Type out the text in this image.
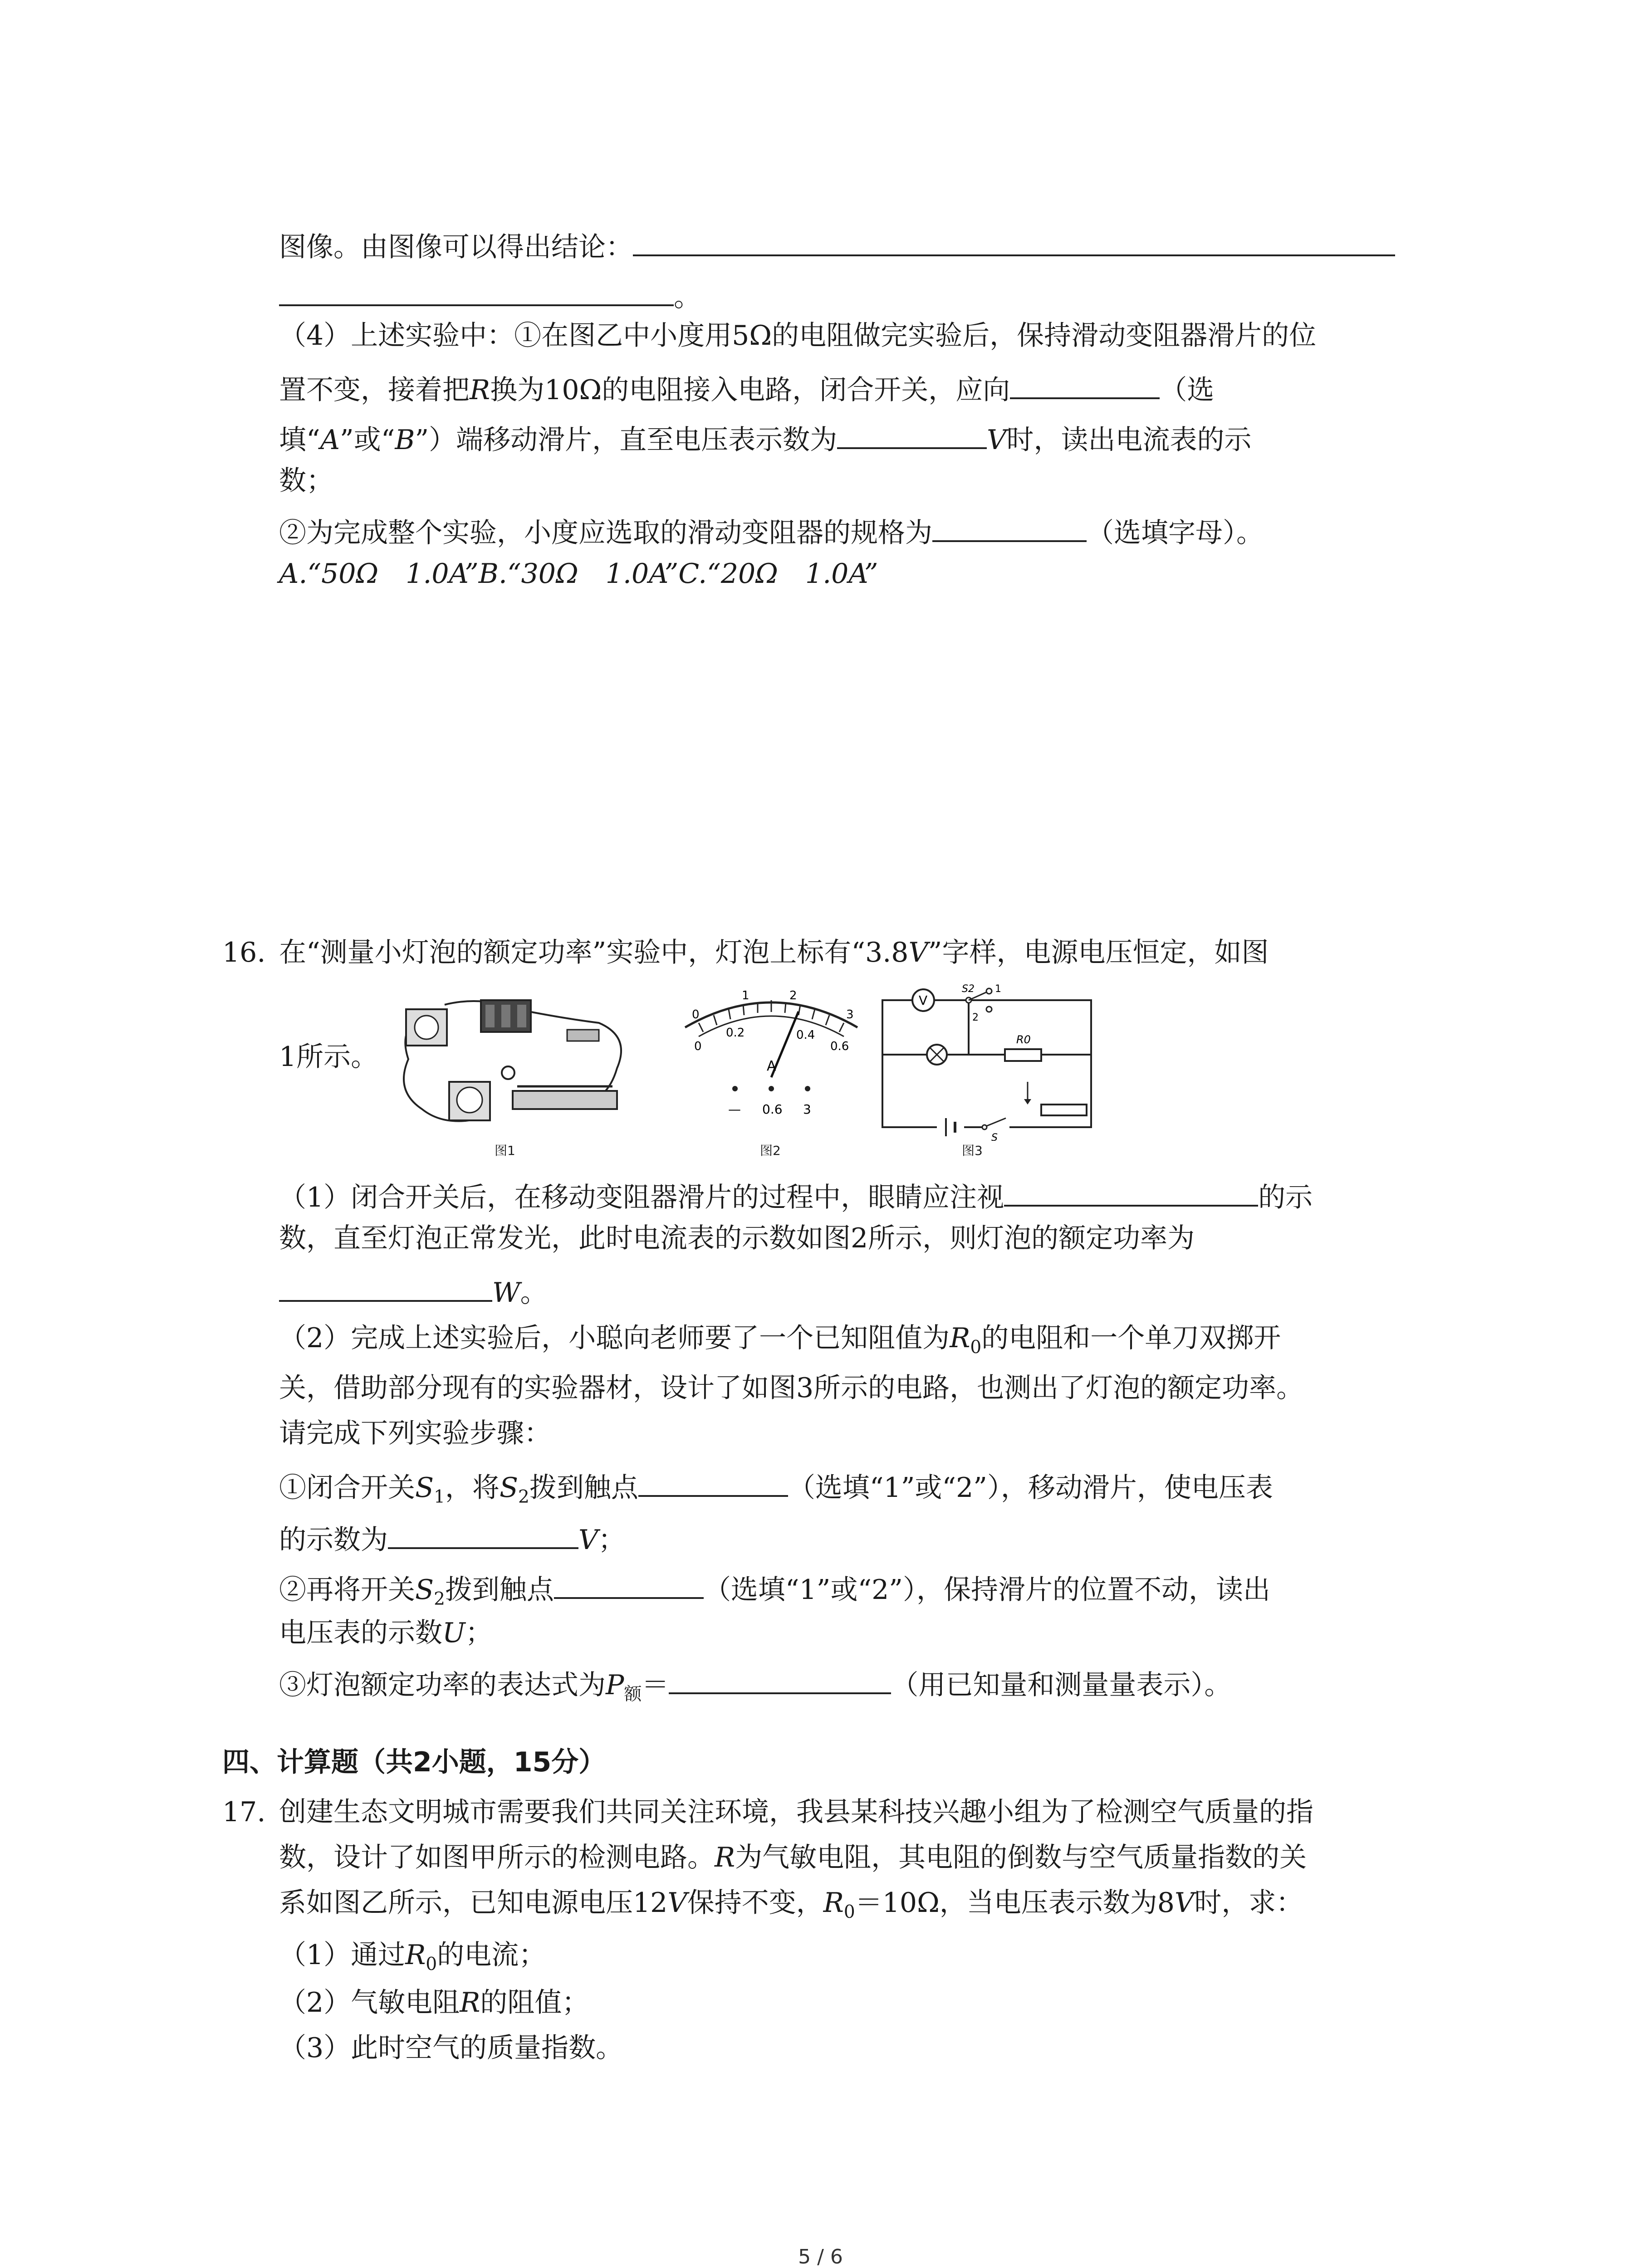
图像。由图像可以得出结论：
。
（4）上述实验中：①在图乙中小度用5Ω的电阻做完实验后，保持滑动变阻器滑片的位
置不变，接着把R换为10Ω的电阻接入电路，闭合开关，应向	（选
填“A”或“B”）端移动滑片，直至电压表示数为	V时，读出电流表的示
数；
②为完成整个实验，小度应选取的滑动变阻器的规格为	（选填字母）。
A.“50Ω　1.0A”B.“30Ω　1.0A”C.“20Ω　1.0A”
16. 在“测量小灯泡的额定功率”实验中，灯泡上标有“3.8V”字样，电源电压恒定，如图
1所示。
图1
0
0.2	0.4
0.6
0
1	2
3
A
— 0.6 3
图2
V
S2 1
2
R0
S
图3
（1）闭合开关后，在移动变阻器滑片的过程中，眼睛应注视	的示
数，直至灯泡正常发光，此时电流表的示数如图2所示，则灯泡的额定功率为
W。
（2）完成上述实验后，小聪向老师要了一个已知阻值为$R_0$的电阻和一个单刀双掷开
关，借助部分现有的实验器材，设计了如图3所示的电路，也测出了灯泡的额定功率。
请完成下列实验步骤：
①闭合开关$S_1$，将$S_2$拨到触点	（选填“1”或“2”），移动滑片，使电压表
的示数为	V；
②再将开关$S_2$拨到触点	（选填“1”或“2”），保持滑片的位置不动，读出
电压表的示数U；
③灯泡额定功率的表达式为$P_额=$	（用已知量和测量量表示）。
四、计算题（共2小题，15分）
17. 创建生态文明城市需要我们共同关注环境，我县某科技兴趣小组为了检测空气质量的指
数，设计了如图甲所示的检测电路。R为气敏电阻，其电阻的倒数与空气质量指数的关
系如图乙所示，已知电源电压12V保持不变，$R_0=10\Omega$，当电压表示数为8V时，求：
（1）通过$R_0$的电流；
（2）气敏电阻R的阻值；
（3）此时空气的质量指数。
5 / 6
